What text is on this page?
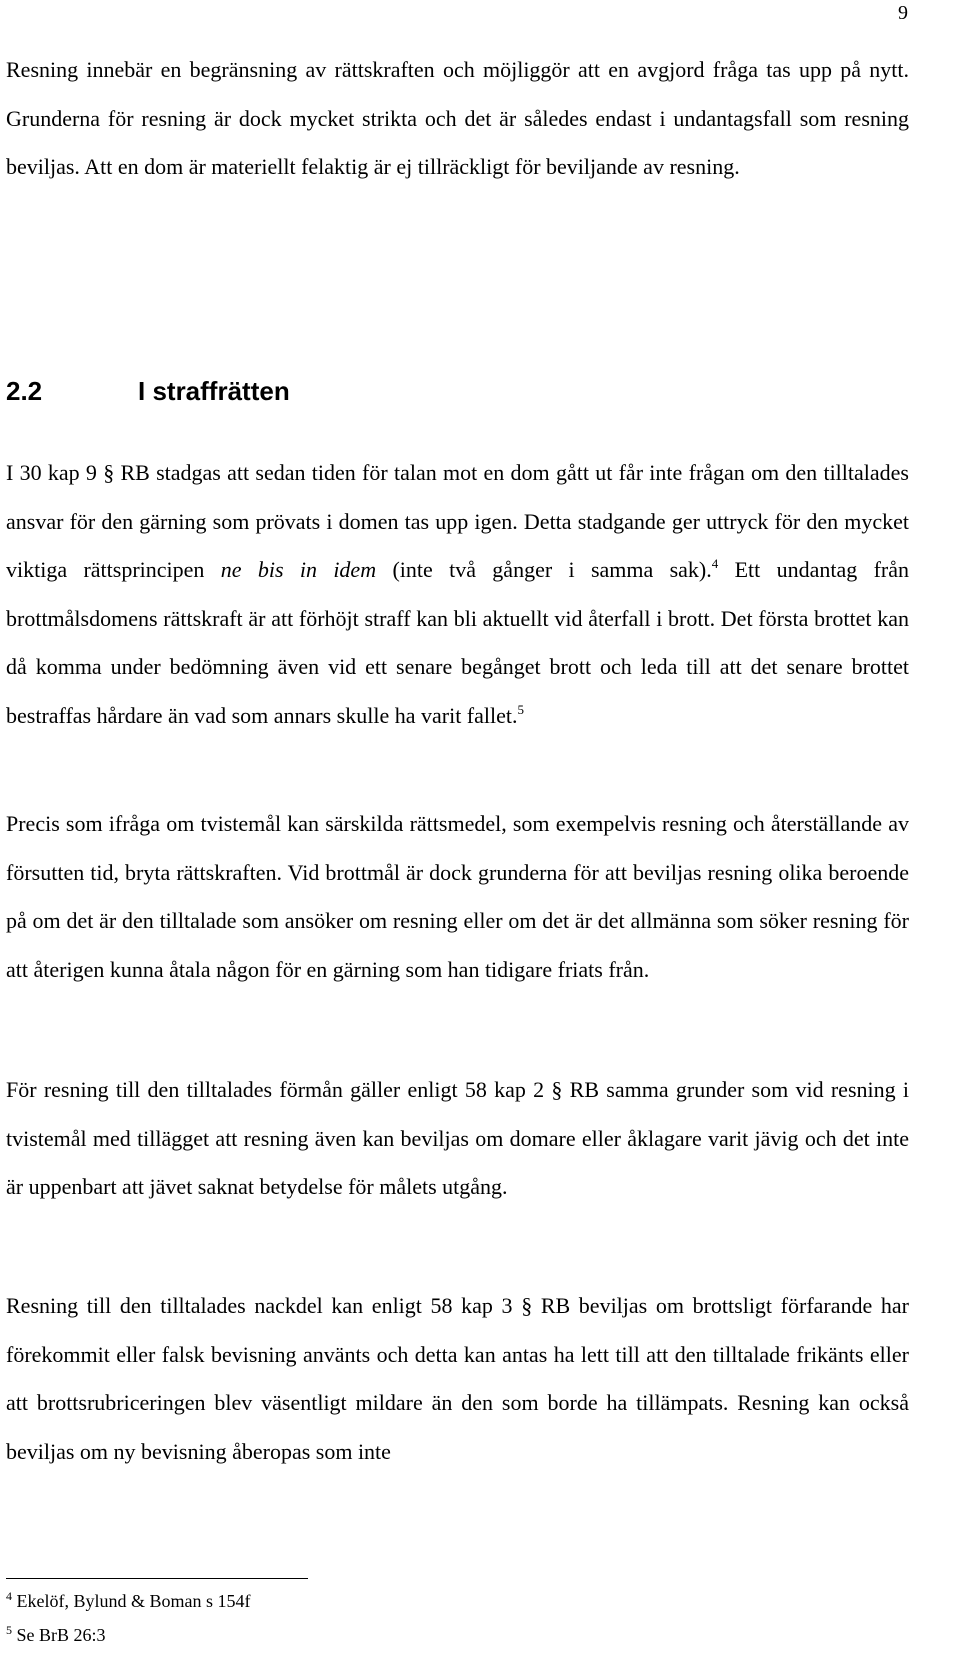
9

Resning innebär en begränsning av rättskraften och möjliggör att en avgjord fråga tas upp på nytt. Grunderna för resning är dock mycket strikta och det är således endast i undantagsfall som resning beviljas. Att en dom är materiellt felaktig är ej tillräckligt för beviljande av resning.

2.2	I straffrätten

I 30 kap 9 § RB stadgas att sedan tiden för talan mot en dom gått ut får inte frågan om den tilltalades ansvar för den gärning som prövats i domen tas upp igen. Detta stadgande ger uttryck för den mycket viktiga rättsprincipen ne bis in idem (inte två gånger i samma sak).$^4$ Ett undantag från brottmålsdomens rättskraft är att förhöjt straff kan bli aktuellt vid återfall i brott. Det första brottet kan då komma under bedömning även vid ett senare begånget brott och leda till att det senare brottet bestraffas hårdare än vad som annars skulle ha varit fallet.$^5$

Precis som ifråga om tvistemål kan särskilda rättsmedel, som exempelvis resning och återställande av försutten tid, bryta rättskraften. Vid brottmål är dock grunderna för att beviljas resning olika beroende på om det är den tilltalade som ansöker om resning eller om det är det allmänna som söker resning för att återigen kunna åtala någon för en gärning som han tidigare friats från.

För resning till den tilltalades förmån gäller enligt 58 kap 2 § RB samma grunder som vid resning i tvistemål med tillägget att resning även kan beviljas om domare eller åklagare varit jävig och det inte är uppenbart att jävet saknat betydelse för målets utgång.

Resning till den tilltalades nackdel kan enligt 58 kap 3 § RB beviljas om brottsligt förfarande har förekommit eller falsk bevisning använts och detta kan antas ha lett till att den tilltalade frikänts eller att brottsrubriceringen blev väsentligt mildare än den som borde ha tillämpats. Resning kan också beviljas om ny bevisning åberopas som inte

$^4$ Ekelöf, Bylund & Boman s 154f
$^5$ Se BrB 26:3
